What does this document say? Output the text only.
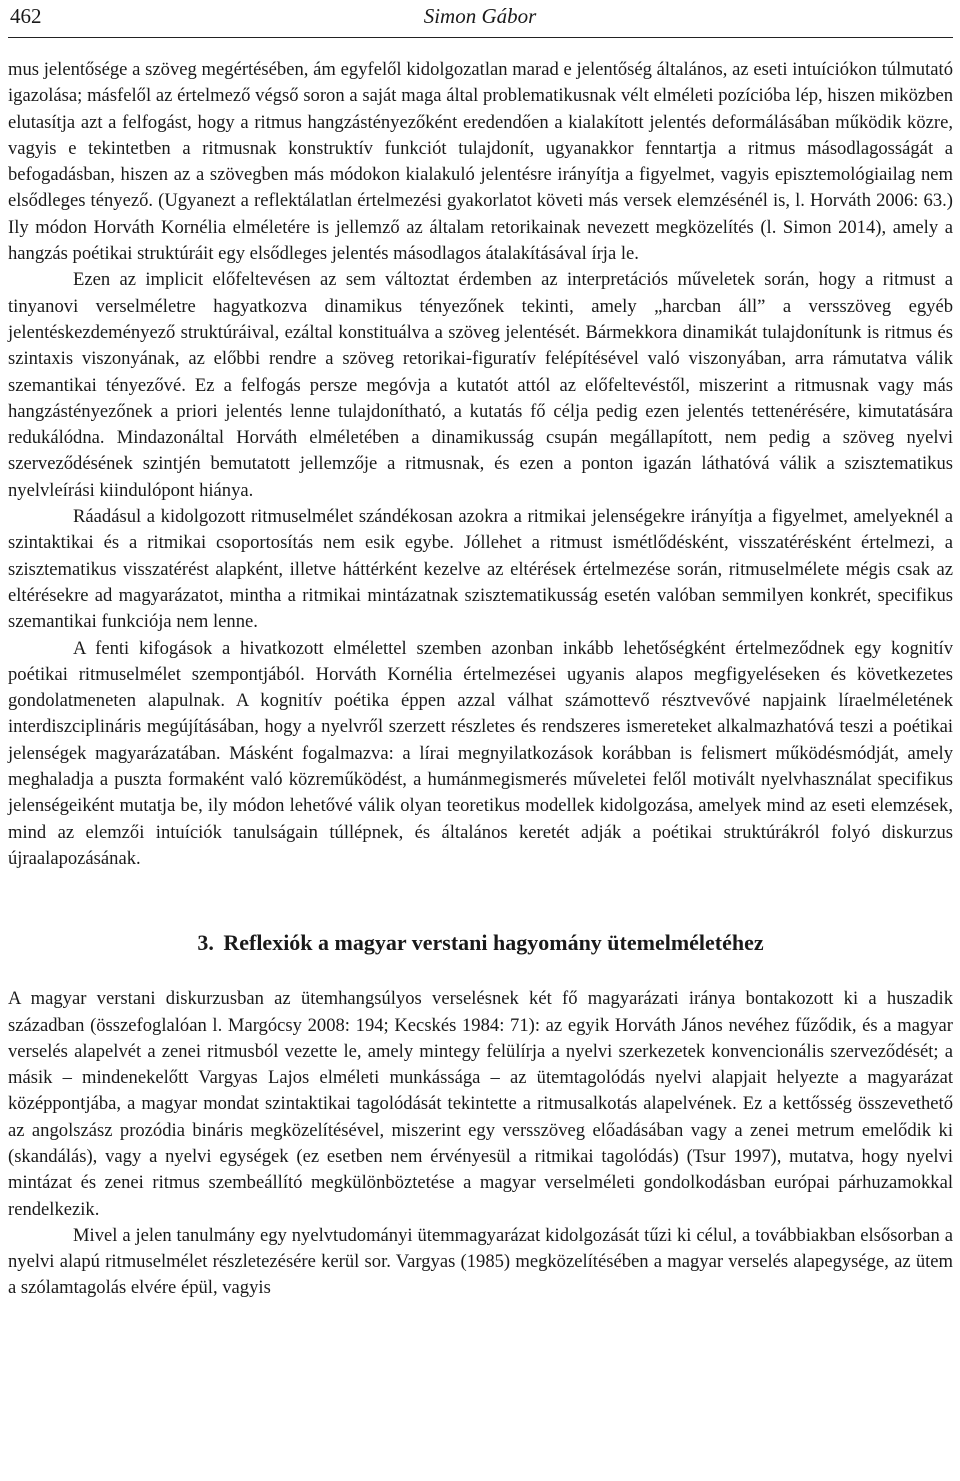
462	Simon Gábor

mus jelentősége a szöveg megértésében, ám egyfelől kidolgozatlan marad e jelentőség általános, az eseti intuíciókon túlmutató igazolása; másfelől az értelmező végső soron a saját maga által problematikusnak vélt elméleti pozícióba lép, hiszen miközben elutasítja azt a felfogást, hogy a ritmus hangzástényezőként eredendően a kialakított jelentés deformálásában működik közre, vagyis e tekintetben a ritmusnak konstruktív funkciót tulajdonít, ugyanakkor fenntartja a ritmus másodlagosságát a befogadásban, hiszen az a szövegben más módokon kialakuló jelentésre irányítja a figyelmet, vagyis episztemológiailag nem elsődleges tényező. (Ugyanezt a reflektálatlan értelmezési gyakorlatot követi más versek elemzésénél is, l. Horváth 2006: 63.) Ily módon Horváth Kornélia elméletére is jellemző az általam retorikainak nevezett megközelítés (l. Simon 2014), amely a hangzás poétikai struktúráit egy elsődleges jelentés másodlagos átalakításával írja le.

Ezen az implicit előfeltevésen az sem változtat érdemben az interpretációs műveletek során, hogy a ritmust a tinyanovi verselméletre hagyatkozva dinamikus tényezőnek tekinti, amely „harcban áll” a versszöveg egyéb jelentéskezdeményező struktúráival, ezáltal konstituálva a szöveg jelentését. Bármekkora dinamikát tulajdonítunk is ritmus és szintaxis viszonyának, az előbbi rendre a szöveg retorikai-figuratív felépítésével való viszonyában, arra rámutatva válik szemantikai tényezővé. Ez a felfogás persze megóvja a kutatót attól az előfeltevéstől, miszerint a ritmusnak vagy más hangzástényezőnek a priori jelentés lenne tulajdonítható, a kutatás fő célja pedig ezen jelentés tettenérésére, kimutatására redukálódna. Mindazonáltal Horváth elméletében a dinamikusság csupán megállapított, nem pedig a szöveg nyelvi szerveződésének szintjén bemutatott jellemzője a ritmusnak, és ezen a ponton igazán láthatóvá válik a szisztematikus nyelvleírási kiindulópont hiánya.

Ráadásul a kidolgozott ritmuselmélet szándékosan azokra a ritmikai jelenségekre irányítja a figyelmet, amelyeknél a szintaktikai és a ritmikai csoportosítás nem esik egybe. Jóllehet a ritmust ismétlődésként, visszatérésként értelmezi, a szisztematikus visszatérést alapként, illetve háttérként kezelve az eltérések értelmezése során, ritmuselmélete mégis csak az eltérésekre ad magyarázatot, mintha a ritmikai mintázatnak szisztematikusság esetén valóban semmilyen konkrét, specifikus szemantikai funkciója nem lenne.

A fenti kifogások a hivatkozott elmélettel szemben azonban inkább lehetőségként értelmeződnek egy kognitív poétikai ritmuselmélet szempontjából. Horváth Kornélia értelmezései ugyanis alapos megfigyeléseken és következetes gondolatmeneten alapulnak. A kognitív poétika éppen azzal válhat számottevő résztvevővé napjaink líraelméletének interdiszciplináris megújításában, hogy a nyelvről szerzett részletes és rendszeres ismereteket alkalmazhatóvá teszi a poétikai jelenségek magyarázatában. Másként fogalmazva: a lírai megnyilatkozások korábban is felismert működésmódját, amely meghaladja a puszta formaként való közreműködést, a humánmegismerés műveletei felől motivált nyelvhasználat specifikus jelenségeiként mutatja be, ily módon lehetővé válik olyan teoretikus modellek kidolgozása, amelyek mind az eseti elemzések, mind az elemzői intuíciók tanulságain túllépnek, és általános keretét adják a poétikai struktúrákról folyó diskurzus újraalapozásának.

3. Reflexiók a magyar verstani hagyomány ütemelméletéhez

A magyar verstani diskurzusban az ütemhangsúlyos verselésnek két fő magyarázati iránya bontakozott ki a huszadik században (összefoglalóan l. Margócsy 2008: 194; Kecskés 1984: 71): az egyik Horváth János nevéhez fűződik, és a magyar verselés alapelvét a zenei ritmusból vezette le, amely mintegy felülírja a nyelvi szerkezetek konvencionális szerveződését; a másik – mindenekelőtt Vargyas Lajos elméleti munkássága – az ütemtagolódás nyelvi alapjait helyezte a magyarázat középpontjába, a magyar mondat szintaktikai tagolódását tekintette a ritmusalkotás alapelvének. Ez a kettősség összevethető az angolszász prozódia bináris megközelítésével, miszerint egy versszöveg előadásában vagy a zenei metrum emelődik ki (skandálás), vagy a nyelvi egységek (ez esetben nem érvényesül a ritmikai tagolódás) (Tsur 1997), mutatva, hogy nyelvi mintázat és zenei ritmus szembeállító megkülönböztetése a magyar verselméleti gondolkodásban európai párhuzamokkal rendelkezik.

Mivel a jelen tanulmány egy nyelvtudományi ütemmagyarázat kidolgozását tűzi ki célul, a továbbiakban elsősorban a nyelvi alapú ritmuselmélet részletezésére kerül sor. Vargyas (1985) megközelítésében a magyar verselés alapegysége, az ütem a szólamtagolás elvére épül, vagyis
